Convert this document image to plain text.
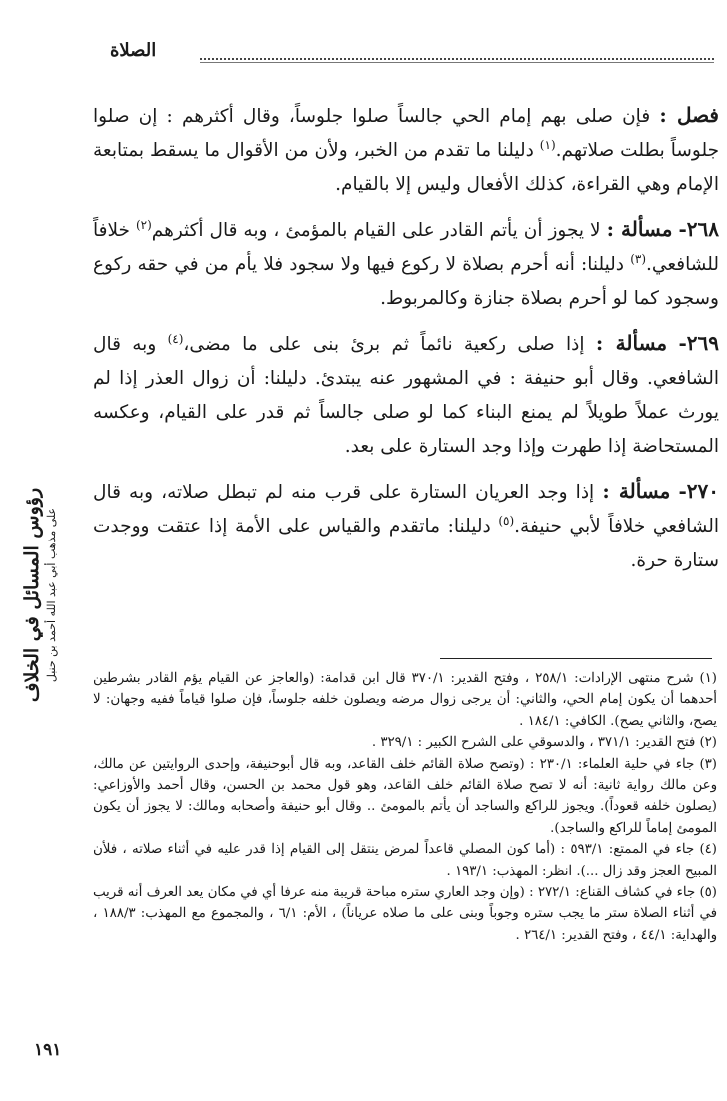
الصلاة
رؤوس المسائل في الخلاف على مذهب أبي عبد الله أحمد بن حنبل

فصل : فإن صلى بهم إمام الحي جالساً صلوا جلوساً، وقال أكثرهم : إن صلوا جلوساً بطلت صلاتهم.$^{(١)}$ دليلنا ما تقدم من الخبر، ولأن من الأقوال ما يسقط بمتابعة الإمام وهي القراءة، كذلك الأفعال وليس إلا بالقيام.

٢٦٨- مسألة : لا يجوز أن يأتم القادر على القيام بالمؤمئ ، وبه قال أكثرهم$^{(٢)}$ خلافاً للشافعي.$^{(٣)}$ دليلنا: أنه أحرم بصلاة لا ركوع فيها ولا سجود فلا يأم من في حقه ركوع وسجود كما لو أحرم بصلاة جنازة وكالمربوط.

٢٦٩- مسألة : إذا صلى ركعية نائماً ثم برئ بنى على ما مضى،$^{(٤)}$ وبه قال الشافعي. وقال أبو حنيفة : في المشهور عنه يبتدئ. دليلنا: أن زوال العذر إذا لم يورث عملاً طويلاً لم يمنع البناء كما لو صلى جالساً ثم قدر على القيام، وعكسه المستحاضة إذا طهرت وإذا وجد الستارة على بعد.

٢٧٠- مسألة : إذا وجد العريان الستارة على قرب منه لم تبطل صلاته، وبه قال الشافعي خلافاً لأبي حنيفة.$^{(٥)}$ دليلنا: ماتقدم والقياس على الأمة إذا عتقت ووجدت ستارة حرة.

(١) شرح منتهى الإرادات: ٢٥٨/١ ، وفتح القدير: ٣٧٠/١ قال ابن قدامة: (والعاجز عن القيام يؤم القادر بشرطين أحدهما أن يكون إمام الحي، والثاني: أن يرجى زوال مرضه ويصلون خلفه جلوساً، فإن صلوا قياماً ففيه وجهان: لا يصح، والثاني يصح). الكافي: ١٨٤/١ .

(٢) فتح القدير: ٣٧١/١ ، والدسوقي على الشرح الكبير : ٣٢٩/١ .

(٣) جاء في حلية العلماء: ٢٣٠/١ : (وتصح صلاة القائم خلف القاعد، وبه قال أبوحنيفة، وإحدى الروايتين عن مالك، وعن مالك رواية ثانية: أنه لا تصح صلاة القائم خلف القاعد، وهو قول محمد بن الحسن، وقال أحمد والأوزاعي: (يصلون خلفه قعوداً). ويجوز للراكع والساجد أن يأتم بالمومئ .. وقال أبو حنيفة وأصحابه ومالك: لا يجوز أن يكون المومئ إماماً للراكع والساجد).

(٤) جاء في الممتع: ٥٩٣/١ : (أما كون المصلي قاعداً لمرض ينتقل إلى القيام إذا قدر عليه في أثناء صلاته ، فلأن المبيح العجز وقد زال ...). انظر: المهذب: ١٩٣/١ .

(٥) جاء في كشاف القناع: ٢٧٢/١ : (وإن وجد العاري ستره مباحة قريبة منه عرفا أي في مكان يعد العرف أنه قريب في أثناء الصلاة ستر ما يجب ستره وجوباً وبنى على ما صلاه عرياناً) ، الأم: ٦/١ ، والمجموع مع المهذب: ١٨٨/٣ ، والهداية: ٤٤/١ ، وفتح القدير: ٢٦٤/١ .

١٩١
